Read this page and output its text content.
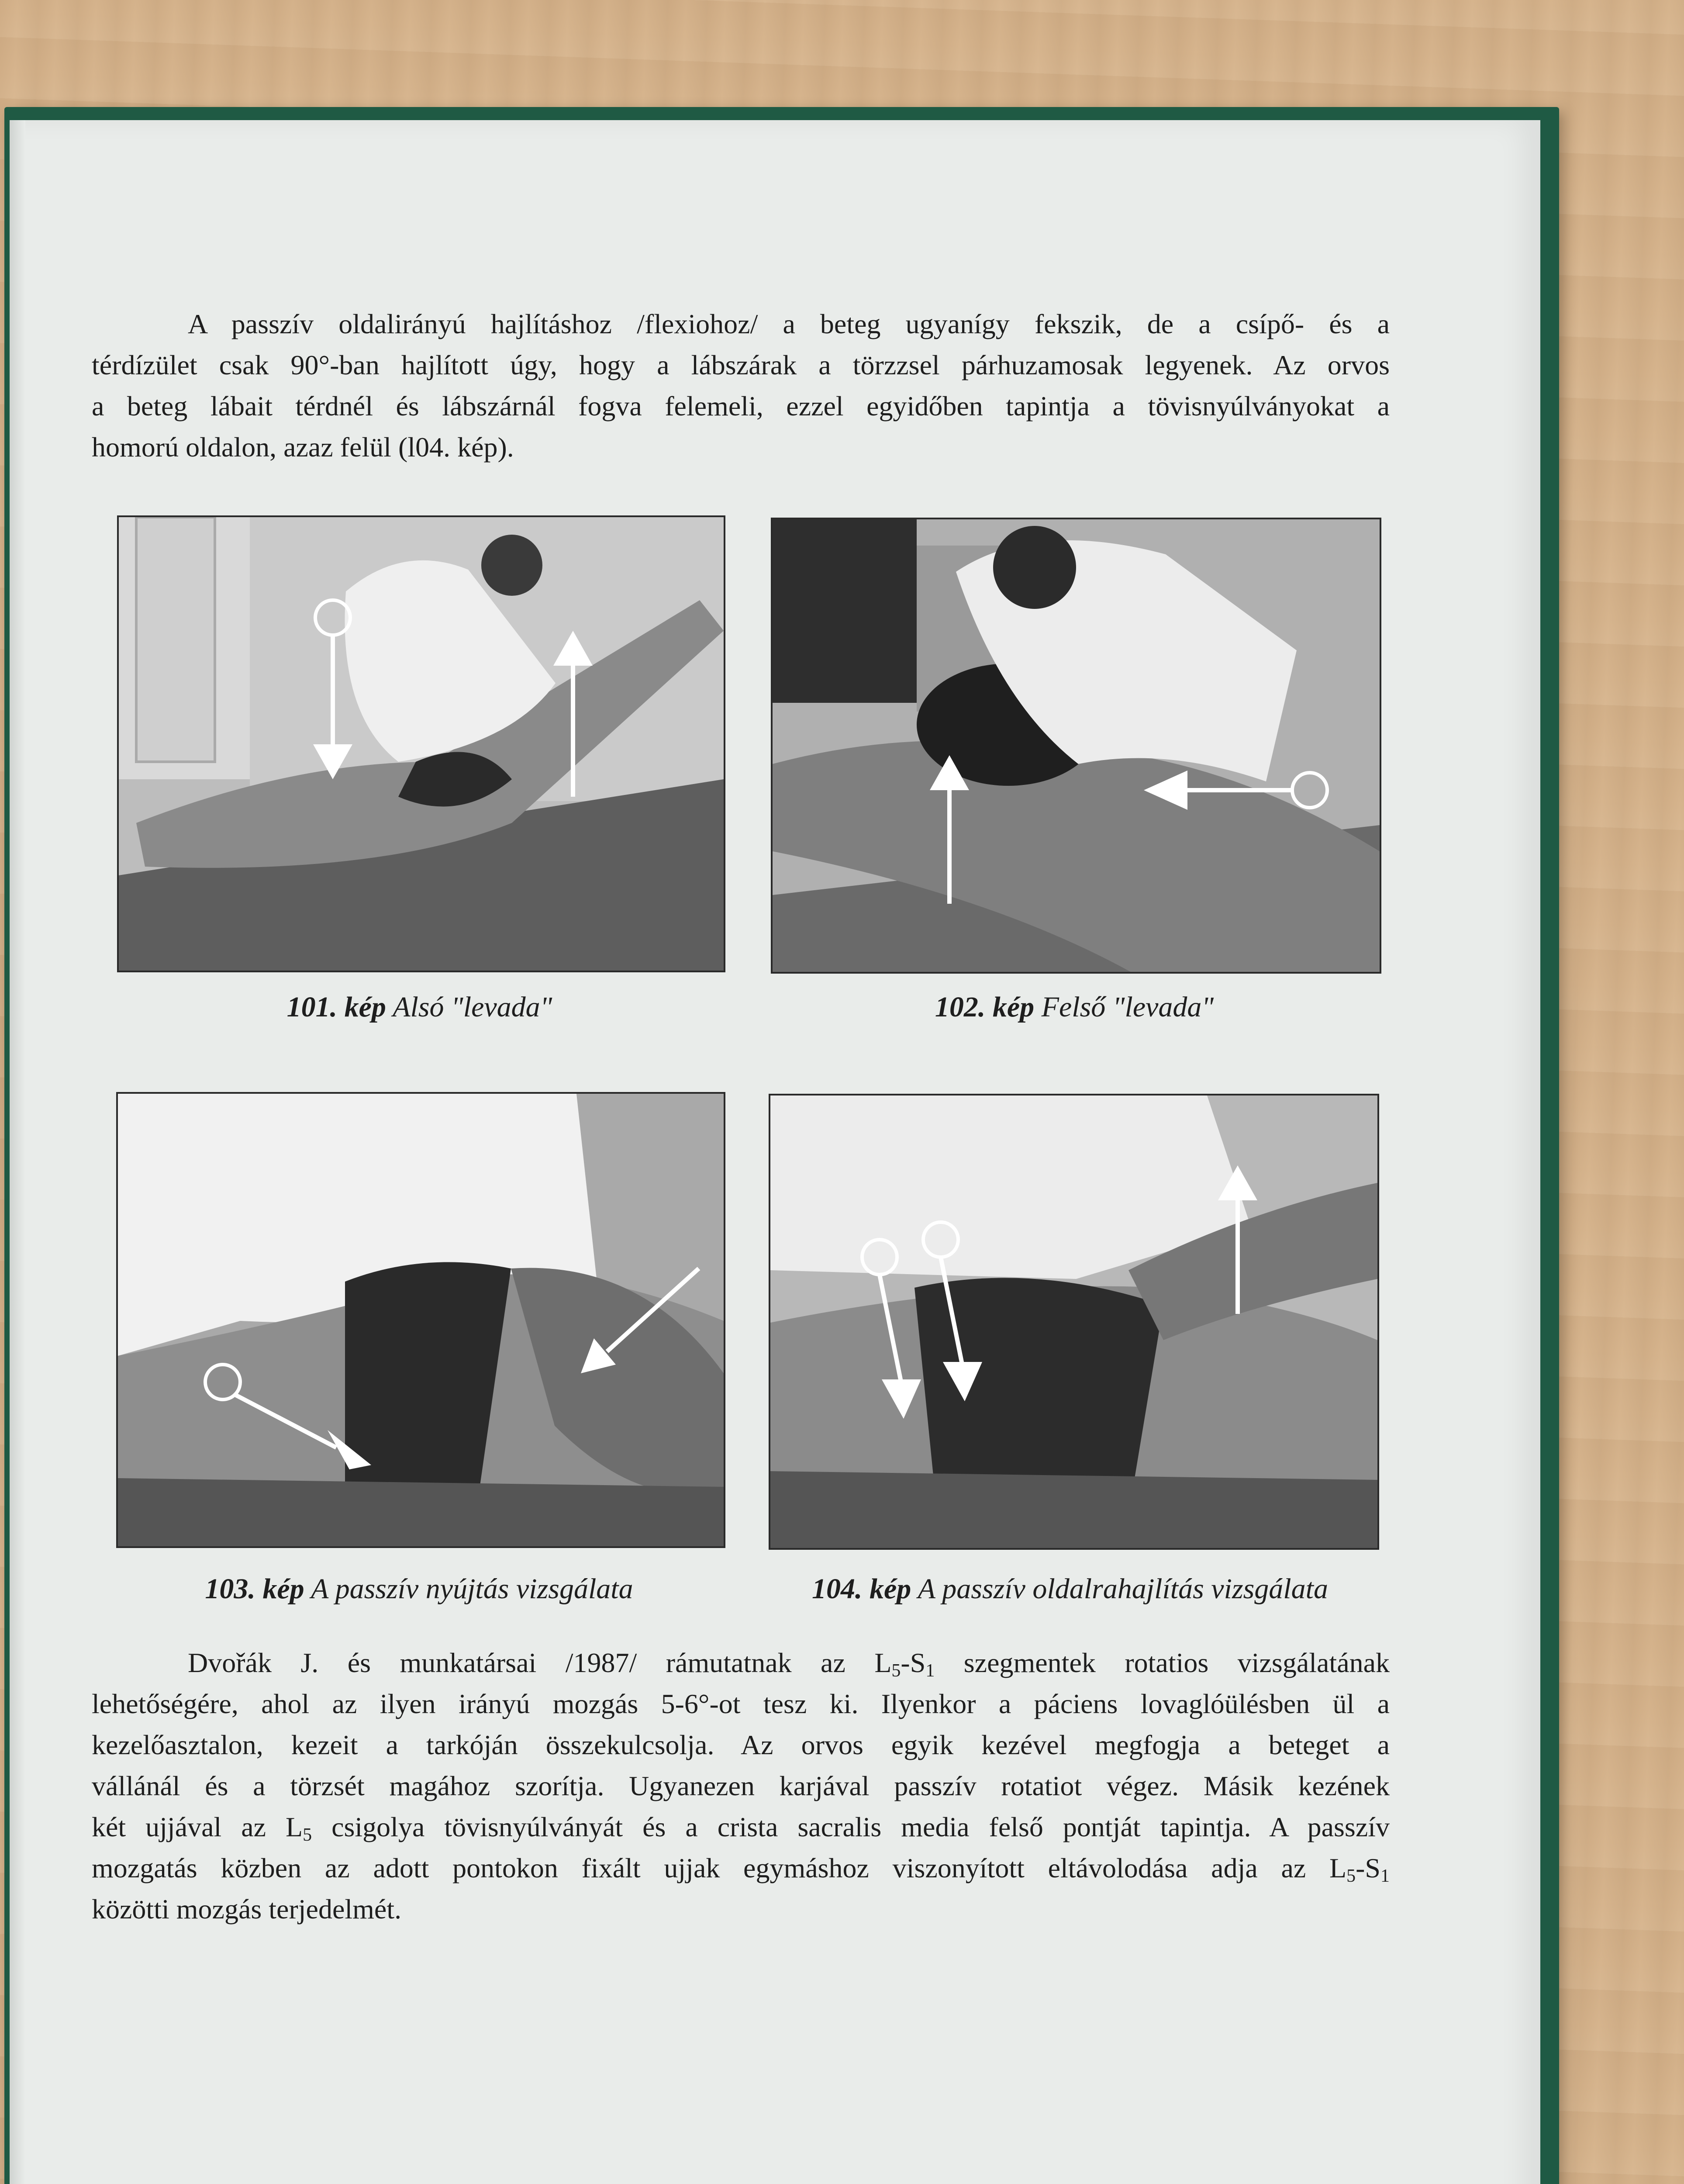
A passzív oldalirányú hajlításhoz /flexiohoz/ a beteg ugyanígy fekszik, de a csípő- és a
térdízület csak 90°-ban hajlított úgy, hogy a lábszárak a törzzsel párhuzamosak legyenek. Az orvos
a beteg lábait térdnél és lábszárnál fogva felemeli, ezzel egyidőben tapintja a tövisnyúlványokat a
homorú oldalon, azaz felül (l04. kép).
101. kép Alsó "levada"	102. kép Felső "levada"
103. kép A passzív nyújtás vizsgálata	104. kép A passzív oldalrahajlítás vizsgálata
Dvořák J. és munkatársai /1987/ rámutatnak az $L_5-S_1$ szegmentek rotatios vizsgálatának
lehetőségére, ahol az ilyen irányú mozgás 5-6°-ot tesz ki. Ilyenkor a páciens lovaglóülésben ül a
kezelőasztalon, kezeit a tarkóján összekulcsolja. Az orvos egyik kezével megfogja a beteget a
vállánál és a törzsét magához szorítja. Ugyanezen karjával passzív rotatiot végez. Másik kezének
két ujjával az $L_5$ csigolya tövisnyúlványát és a crista sacralis media felső pontját tapintja. A passzív
mozgatás közben az adott pontokon fixált ujjak egymáshoz viszonyított eltávolodása adja az $L_5-S_1$
közötti mozgás terjedelmét.
